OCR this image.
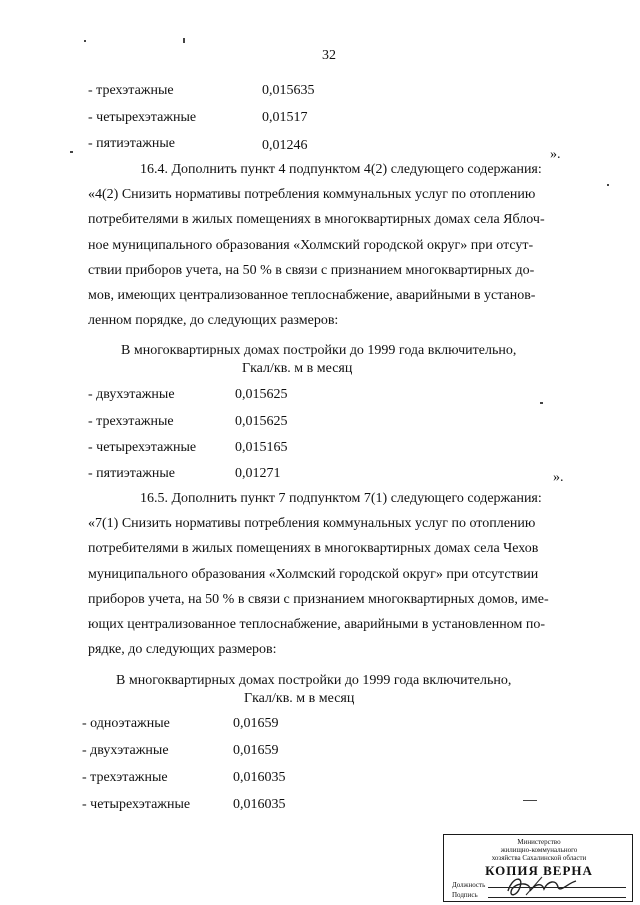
32
- трехэтажные	0,015635
- четырехэтажные	0,01517
- пятиэтажные	0,01246
».
16.4. Дополнить пункт 4 подпунктом 4(2) следующего содержания:
«4(2) Снизить нормативы потребления коммунальных услуг по отоплению
потребителями в жилых помещениях в многоквартирных домах села Яблоч-
ное муниципального образования «Холмский городской округ» при отсут-
ствии приборов учета, на 50 % в связи с признанием многоквартирных до-
мов, имеющих централизованное теплоснабжение, аварийными в установ-
ленном порядке, до следующих размеров:
В многоквартирных домах постройки до 1999 года включительно,
Гкал/кв. м в месяц
- двухэтажные	0,015625
- трехэтажные	0,015625
- четырехэтажные	0,015165
- пятиэтажные	0,01271	».
16.5. Дополнить пункт 7 подпунктом 7(1) следующего содержания:
«7(1) Снизить нормативы потребления коммунальных услуг по отоплению
потребителями в жилых помещениях в многоквартирных домах села Чехов
муниципального образования «Холмский городской округ» при отсутствии
приборов учета, на 50 % в связи с признанием многоквартирных домов, име-
ющих централизованное теплоснабжение, аварийными в установленном по-
рядке, до следующих размеров:
В многоквартирных домах постройки до 1999 года включительно,
Гкал/кв. м в месяц
- одноэтажные	0,01659
- двухэтажные	0,01659
- трехэтажные	0,016035
- четырехэтажные	0,016035
Министерство
жилищно-коммунального
хозяйства Сахалинской области
КОПИЯ ВЕРНА
Должность
Подпись
